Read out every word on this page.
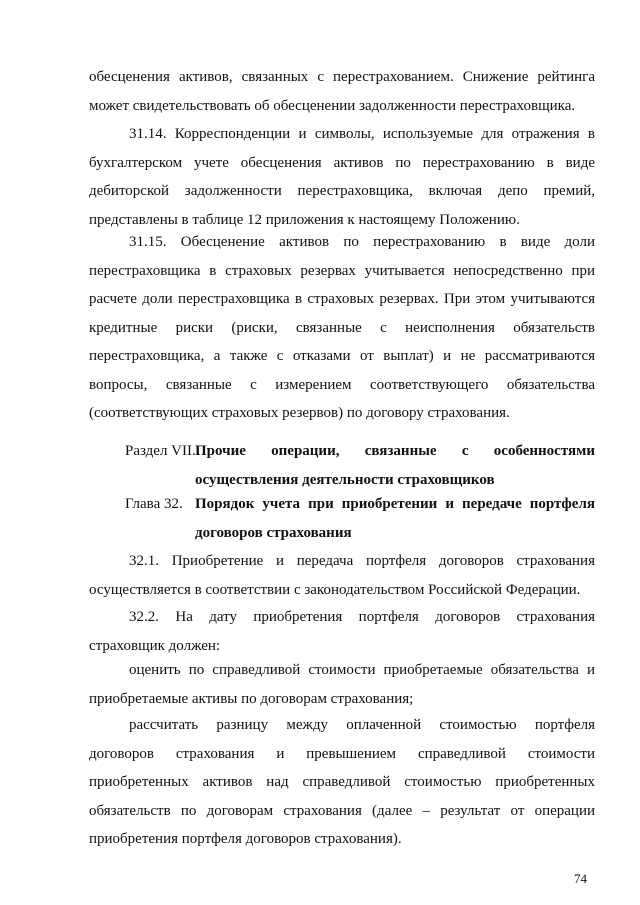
обесценения активов, связанных с перестрахованием. Снижение рейтинга
может свидетельствовать об обесценении задолженности перестраховщика.
31.14. Корреспонденции и символы, используемые для отражения в
бухгалтерском учете обесценения активов по перестрахованию в виде
дебиторской задолженности перестраховщика, включая депо премий,
представлены в таблице 12 приложения к настоящему Положению.
31.15. Обесценение активов по перестрахованию в виде доли
перестраховщика в страховых резервах учитывается непосредственно при
расчете доли перестраховщика в страховых резервах. При этом учитываются
кредитные риски (риски, связанные с неисполнения обязательств
перестраховщика, а также с отказами от выплат) и не рассматриваются
вопросы, связанные с измерением соответствующего обязательства
(соответствующих страховых резервов) по договору страхования.
Раздел VII. Прочие операции, связанные с особенностями
осуществления деятельности страховщиков
Глава 32. Порядок учета при приобретении и передаче портфеля
договоров страхования
32.1. Приобретение и передача портфеля договоров страхования
осуществляется в соответствии с законодательством Российской Федерации.
32.2. На дату приобретения портфеля договоров страхования
страховщик должен:
оценить по справедливой стоимости приобретаемые обязательства и
приобретаемые активы по договорам страхования;
рассчитать разницу между оплаченной стоимостью портфеля
договоров страхования и превышением справедливой стоимости
приобретенных активов над справедливой стоимостью приобретенных
обязательств по договорам страхования (далее – результат от операции
приобретения портфеля договоров страхования).
74
